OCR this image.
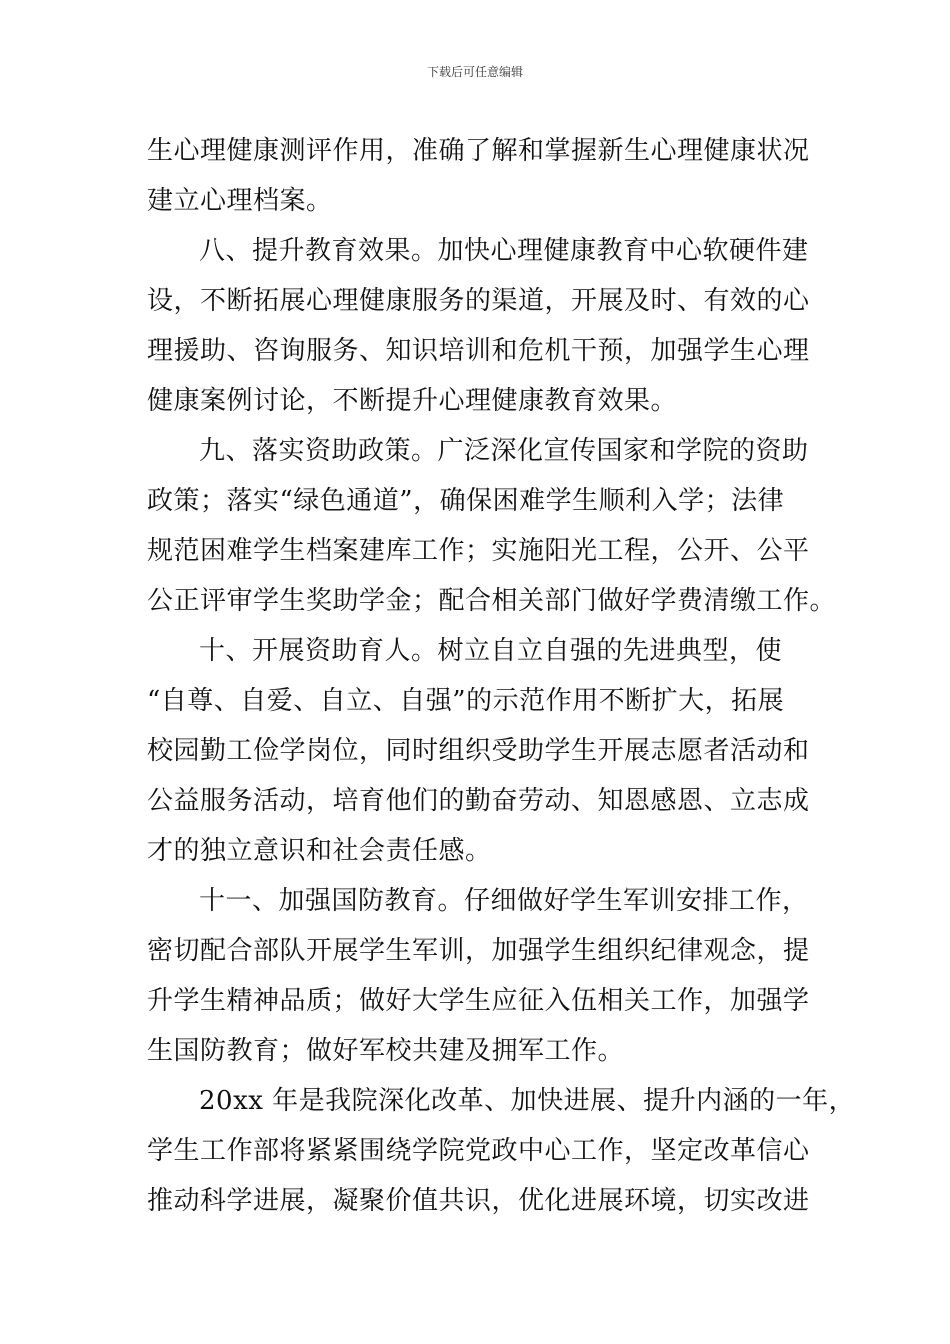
下载后可任意编辑
生心理健康测评作用，准确了解和掌握新生心理健康状况
建立心理档案。
八、提升教育效果。加快心理健康教育中心软硬件建
设，不断拓展心理健康服务的渠道，开展及时、有效的心
理援助、咨询服务、知识培训和危机干预，加强学生心理
健康案例讨论，不断提升心理健康教育效果。
九、落实资助政策。广泛深化宣传国家和学院的资助
政策；落实“绿色通道”，确保困难学生顺利入学；法律
规范困难学生档案建库工作；实施阳光工程，公开、公平
公正评审学生奖助学金；配合相关部门做好学费清缴工作。
十、开展资助育人。树立自立自强的先进典型，使
“自尊、自爱、自立、自强”的示范作用不断扩大，拓展
校园勤工俭学岗位，同时组织受助学生开展志愿者活动和
公益服务活动，培育他们的勤奋劳动、知恩感恩、立志成
才的独立意识和社会责任感。
十一、加强国防教育。仔细做好学生军训安排工作，
密切配合部队开展学生军训，加强学生组织纪律观念，提
升学生精神品质；做好大学生应征入伍相关工作，加强学
生国防教育；做好军校共建及拥军工作。
20xx 年是我院深化改革、加快进展、提升内涵的一年，
学生工作部将紧紧围绕学院党政中心工作，坚定改革信心
推动科学进展，凝聚价值共识，优化进展环境，切实改进
